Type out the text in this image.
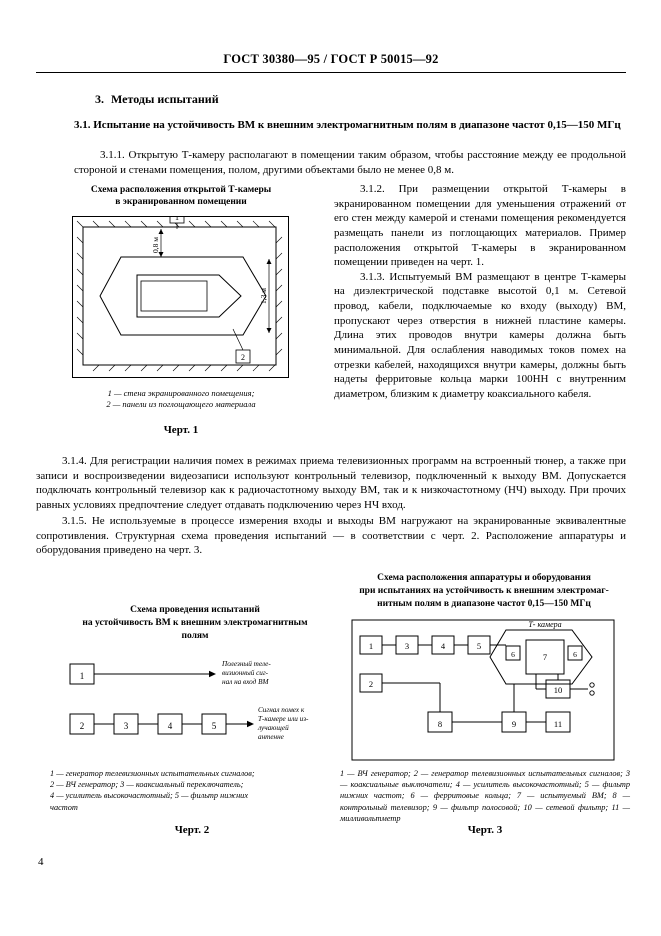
ГОСТ 30380—95 / ГОСТ Р 50015—92
3. Методы испытаний
3.1. Испытание на устойчивость ВМ к внешним электромагнитным полям в диапазоне частот 0,15—150 МГц
3.1.1. Открытую Т-камеру располагают в помещении таким образом, чтобы расстояние между ее продольной стороной и стенами помещения, полом, другими объектами было не менее 0,8 м.
Схема расположения открытой Т-камеры
в экранированном помещении
0,8 м
1,3 м
1
2
1 — стена экранированного помещения;
2 — панели из поглощающего материала
Черт. 1

3.1.2. При размещении открытой Т-камеры в экранированном помещении для уменьшения отражений от его стен между камерой и стенами помещения рекомендуется размещать панели из поглощающих материалов. Пример расположения открытой Т-камеры в экранированном помещении приведен на черт. 1.

3.1.3. Испытуемый ВМ размещают в центре Т-камеры на диэлектрической подставке высотой 0,1 м. Сетевой провод, кабели, подключаемые ко входу (выходу) ВМ, пропускают через отверстия в нижней пластине камеры. Длина этих проводов внутри камеры должна быть минимальной. Для ослабления наводимых токов помех на отрезки кабелей, находящихся внутри камеры, должны быть надеты ферритовые кольца марки 100НН с внутренним диаметром, близким к диаметру коаксиального кабеля.

3.1.4. Для регистрации наличия помех в режимах приема телевизионных программ на встроенный тюнер, а также при записи и воспроизведении видеозаписи используют контрольный телевизор, подключенный к выходу ВМ. Допускается подключать контрольный телевизор как к радиочастотному выходу ВМ, так и к низкочастотному (НЧ) выходу. При прочих равных условиях предпочтение следует отдавать подключению через НЧ вход.

3.1.5. Не используемые в процессе измерения входы и выходы ВМ нагружают на экранированные эквивалентные сопротивления. Структурная схема проведения испытаний — в соответствии с черт. 2. Расположение аппаратуры и оборудования приведено на черт. 3.

Схема проведения испытаний
на устойчивость ВМ к внешним электромагнитным
полям
Схема расположения аппаратуры и оборудования
при испытаниях на устойчивость к внешним электромаг-
нитным полям в диапазоне частот 0,15—150 МГц
1
Полезный теле-
визионный сиг-
нал на вход ВМ
2	3	4	5
Сигнал помех к
Т-камере или из-
лучающей
антенне
1	3	4	5
Т- камера
7
6	6
2
8	9	11
10
1 — генератор телевизионных испытательных сигналов;
2 — ВЧ генератор; 3 — коаксиальный переключатель;
4 — усилитель высокочастотный; 5 — фильтр нижних
частот
1 — ВЧ генератор; 2 — генератор телевизионных испытательных сигналов; 3 — коаксиальные выключатели; 4 — усилитель высокочастотный; 5 — фильтр нижних частот; 6 — ферритовые кольца; 7 — испытуемый ВМ; 8 — контрольный телевизор; 9 — фильтр полосовой; 10 — сетевой фильтр; 11 — милливольтметр
Черт. 2	Черт. 3
4
